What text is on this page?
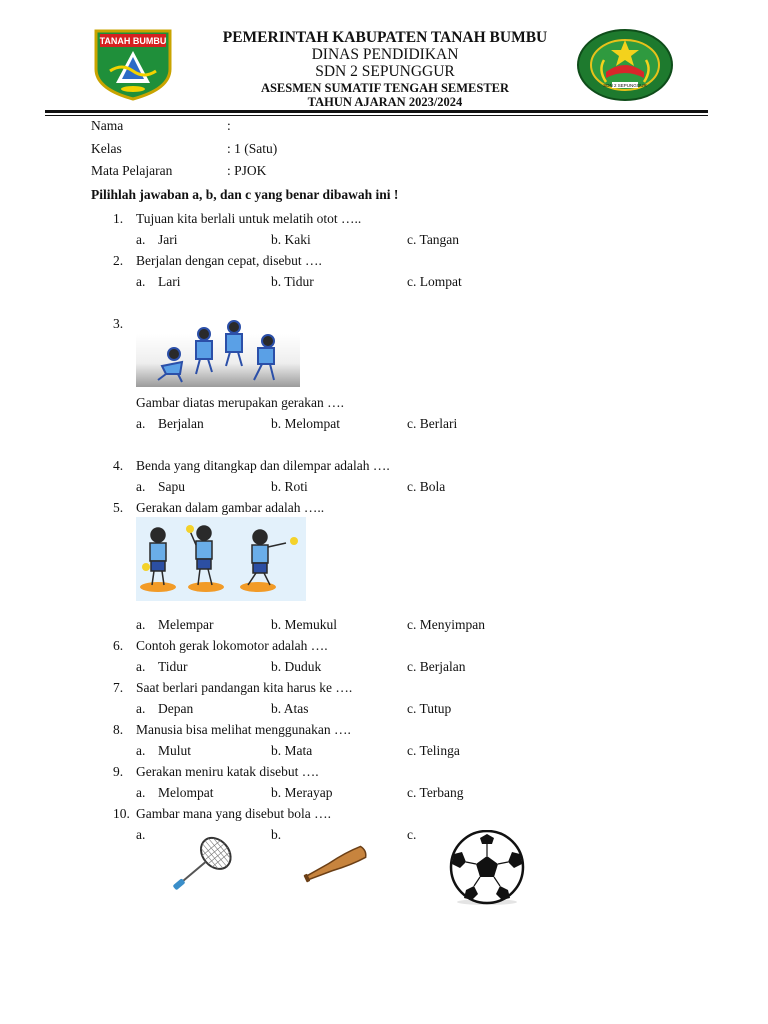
TANAH BUMBU
SDN 2 SEPUNGGUR
PEMERINTAH KABUPATEN TANAH BUMBU
DINAS PENDIDIKAN
SDN 2 SEPUNGGUR
ASESMEN SUMATIF TENGAH SEMESTER
TAHUN AJARAN 2023/2024
Nama	:
Kelas	: 1 (Satu)
Mata Pelajaran	: PJOK
Pilihlah jawaban a, b, dan c yang benar dibawah ini !
1. Tujuan kita berlali untuk melatih otot …..
a. Jari	b. Kaki	c. Tangan
2. Berjalan dengan cepat, disebut ….
a. Lari	b. Tidur	c. Lompat
3.
Gambar diatas merupakan gerakan ….
a. Berjalan	b. Melompat	c. Berlari
4. Benda yang ditangkap dan dilempar adalah ….
a. Sapu	b. Roti	c. Bola
5. Gerakan dalam gambar adalah …..
a. Melempar	b. Memukul	c. Menyimpan
6. Contoh gerak lokomotor adalah ….
a. Tidur	b. Duduk	c. Berjalan
7. Saat berlari pandangan kita harus ke ….
a. Depan	b. Atas	c. Tutup
8. Manusia bisa melihat menggunakan ….
a. Mulut	b. Mata	c. Telinga
9. Gerakan meniru katak disebut ….
a. Melompat	b. Merayap	c. Terbang
10. Gambar mana yang disebut bola ….
a.	b.	c.
